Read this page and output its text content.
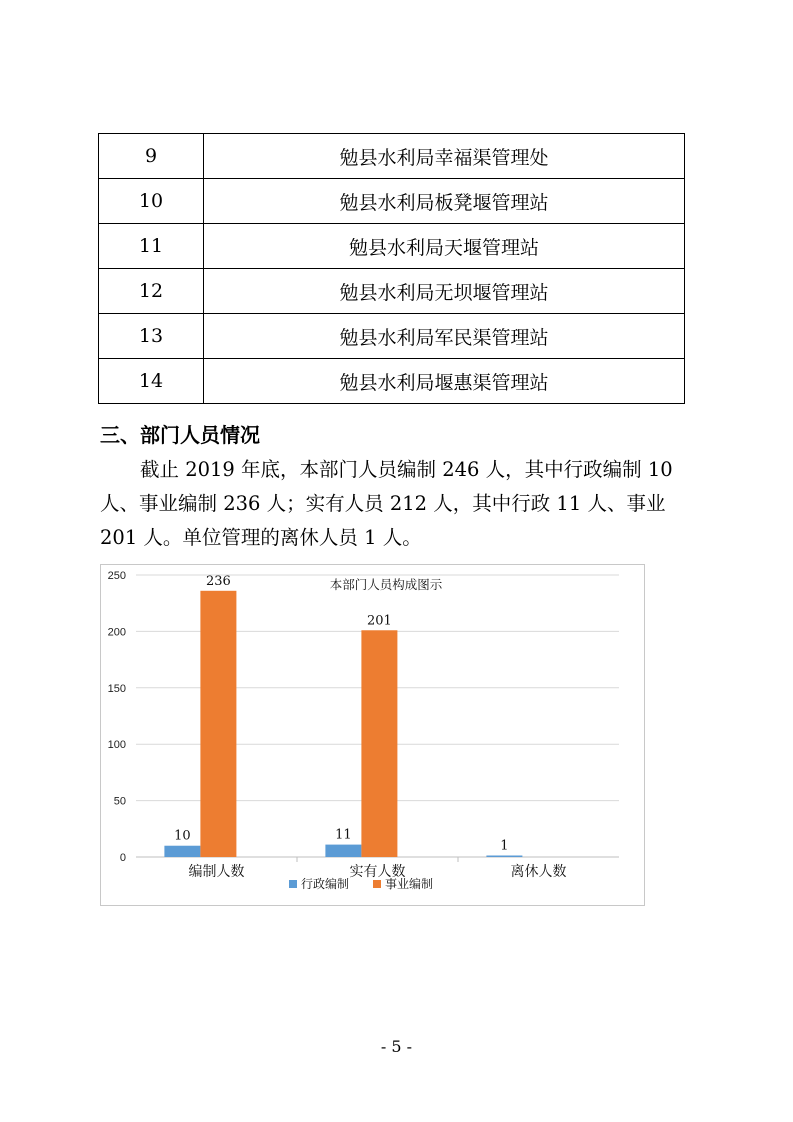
9	勉县水利局幸福渠管理处
10	勉县水利局板凳堰管理站
11	勉县水利局天堰管理站
12	勉县水利局无坝堰管理站
13	勉县水利局军民渠管理站
14	勉县水利局堰惠渠管理站
三、部门人员情况
截止 2019 年底，本部门人员编制 246 人，其中行政编制 10
人、事业编制 236 人；实有人员 212 人，其中行政 11 人、事业
201 人。单位管理的离休人员 1 人。
0
50
100
150
200
250
编制人数
10
236
实有人数
11
201
离休人数
1
本部门人员构成图示
行政编制	事业编制
- 5 -
